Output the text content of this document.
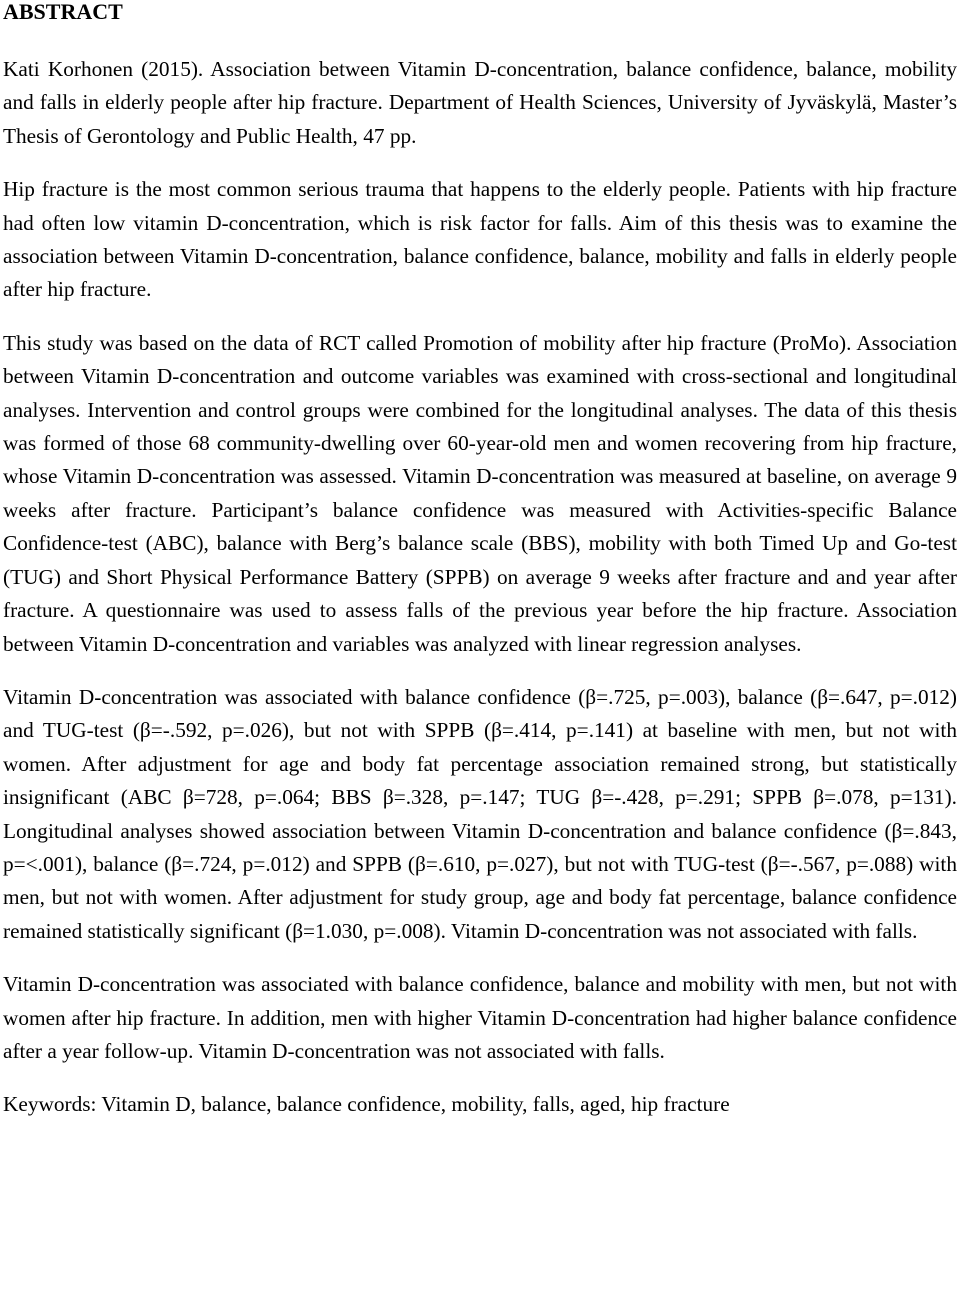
ABSTRACT

Kati Korhonen (2015). Association between Vitamin D-concentration, balance confidence, balance, mobility and falls in elderly people after hip fracture. Department of Health Sciences, University of Jyväskylä, Master’s Thesis of Gerontology and Public Health, 47 pp.

Hip fracture is the most common serious trauma that happens to the elderly people. Patients with hip fracture had often low vitamin D-concentration, which is risk factor for falls. Aim of this thesis was to examine the association between Vitamin D-concentration, balance confidence, balance, mobility and falls in elderly people after hip fracture.

This study was based on the data of RCT called Promotion of mobility after hip fracture (ProMo). Association between Vitamin D-concentration and outcome variables was examined with cross-sectional and longitudinal analyses. Intervention and control groups were combined for the longitudinal analyses. The data of this thesis was formed of those 68 community-dwelling over 60-year-old men and women recovering from hip fracture, whose Vitamin D-concentration was assessed. Vitamin D-concentration was measured at baseline, on average 9 weeks after fracture. Participant’s balance confidence was measured with Activities-specific Balance Confidence-test (ABC), balance with Berg’s balance scale (BBS), mobility with both Timed Up and Go-test (TUG) and Short Physical Performance Battery (SPPB) on average 9 weeks after fracture and and year after fracture. A questionnaire was used to assess falls of the previous year before the hip fracture. Association between Vitamin D-concentration and variables was analyzed with linear regression analyses.

Vitamin D-concentration was associated with balance confidence (β=.725, p=.003), balance (β=.647, p=.012) and TUG-test (β=-.592, p=.026), but not with SPPB (β=.414, p=.141) at baseline with men, but not with women. After adjustment for age and body fat percentage association remained strong, but statistically insignificant (ABC β=728, p=.064; BBS β=.328, p=.147; TUG β=-.428, p=.291; SPPB β=.078, p=131). Longitudinal analyses showed association between Vitamin D-concentration and balance confidence (β=.843, p=<.001), balance (β=.724, p=.012) and SPPB (β=.610, p=.027), but not with TUG-test (β=-.567, p=.088) with men, but not with women. After adjustment for study group, age and body fat percentage, balance confidence remained statistically significant (β=1.030, p=.008). Vitamin D-concentration was not associated with falls.

Vitamin D-concentration was associated with balance confidence, balance and mobility with men, but not with women after hip fracture. In addition, men with higher Vitamin D-concentration had higher balance confidence after a year follow-up. Vitamin D-concentration was not associated with falls.

Keywords: Vitamin D, balance, balance confidence, mobility, falls, aged, hip fracture
